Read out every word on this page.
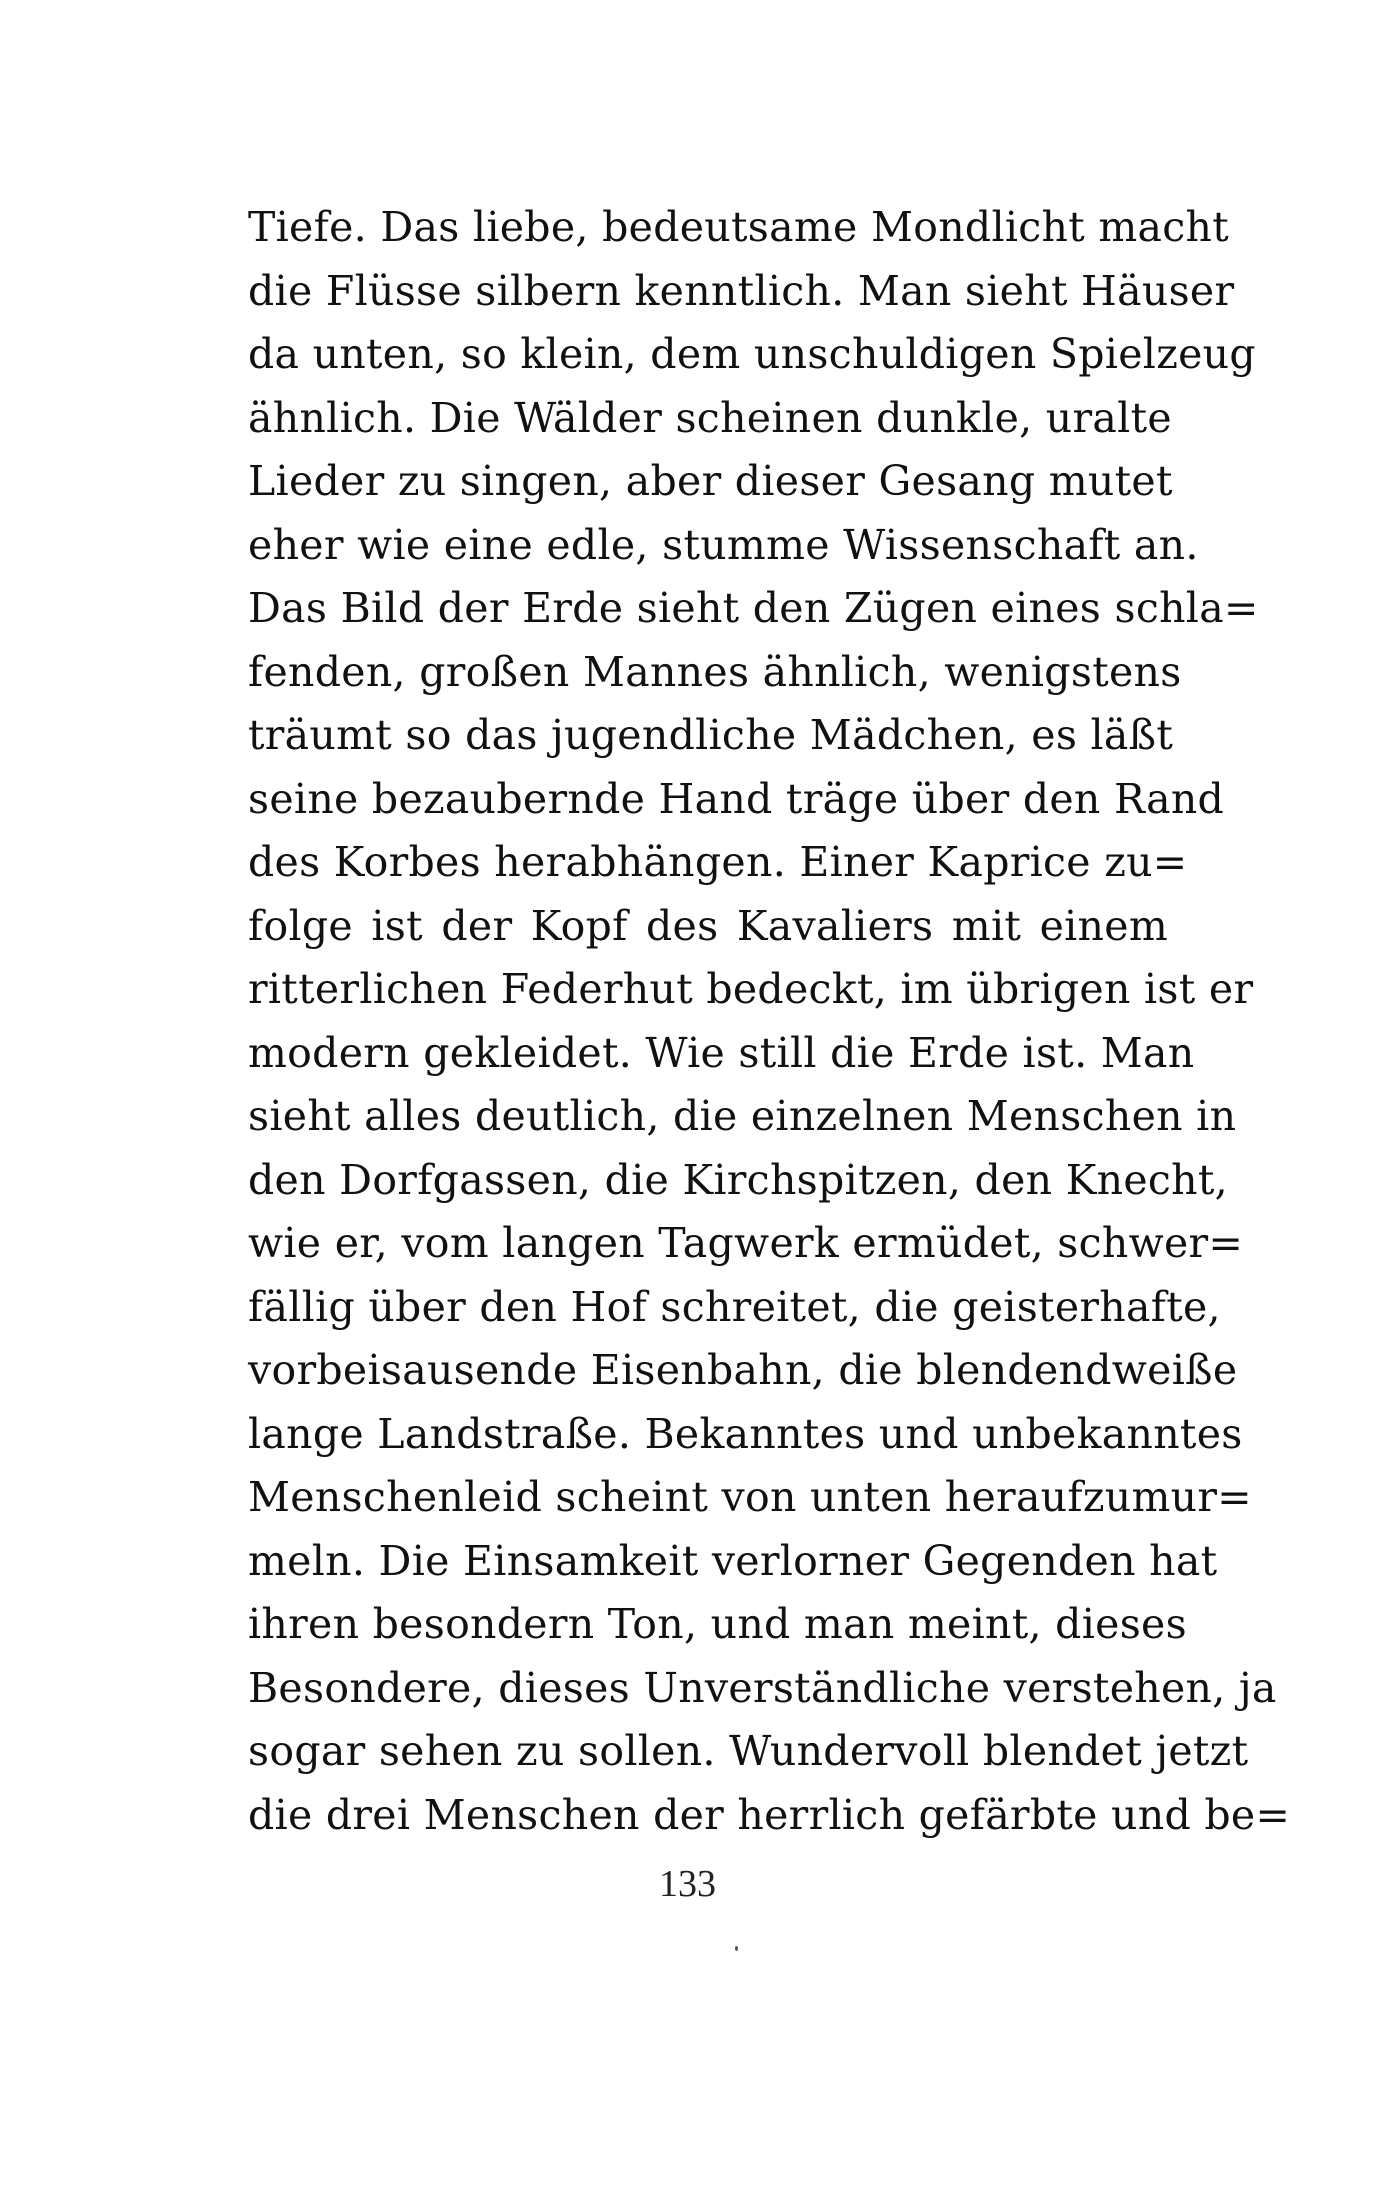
Tiefe. Das liebe, bedeutsame Mondlicht macht
die Flüsse silbern kenntlich. Man sieht Häuser
da unten, so klein, dem unschuldigen Spielzeug
ähnlich. Die Wälder scheinen dunkle, uralte
Lieder zu singen, aber dieser Gesang mutet
eher wie eine edle, stumme Wissenschaft an.
Das Bild der Erde sieht den Zügen eines schla=
fenden, großen Mannes ähnlich, wenigstens
träumt so das jugendliche Mädchen, es läßt
seine bezaubernde Hand träge über den Rand
des Korbes herabhängen. Einer Kaprice zu=
folge ist der Kopf des Kavaliers mit einem
ritterlichen Federhut bedeckt, im übrigen ist er
modern gekleidet. Wie still die Erde ist. Man
sieht alles deutlich, die einzelnen Menschen in
den Dorfgassen, die Kirchspitzen, den Knecht,
wie er, vom langen Tagwerk ermüdet, schwer=
fällig über den Hof schreitet, die geisterhafte,
vorbeisausende Eisenbahn, die blendendweiße
lange Landstraße. Bekanntes und unbekanntes
Menschenleid scheint von unten heraufzumur=
meln. Die Einsamkeit verlorner Gegenden hat
ihren besondern Ton, und man meint, dieses
Besondere, dieses Unverständliche verstehen, ja
sogar sehen zu sollen. Wundervoll blendet jetzt
die drei Menschen der herrlich gefärbte und be=
133
